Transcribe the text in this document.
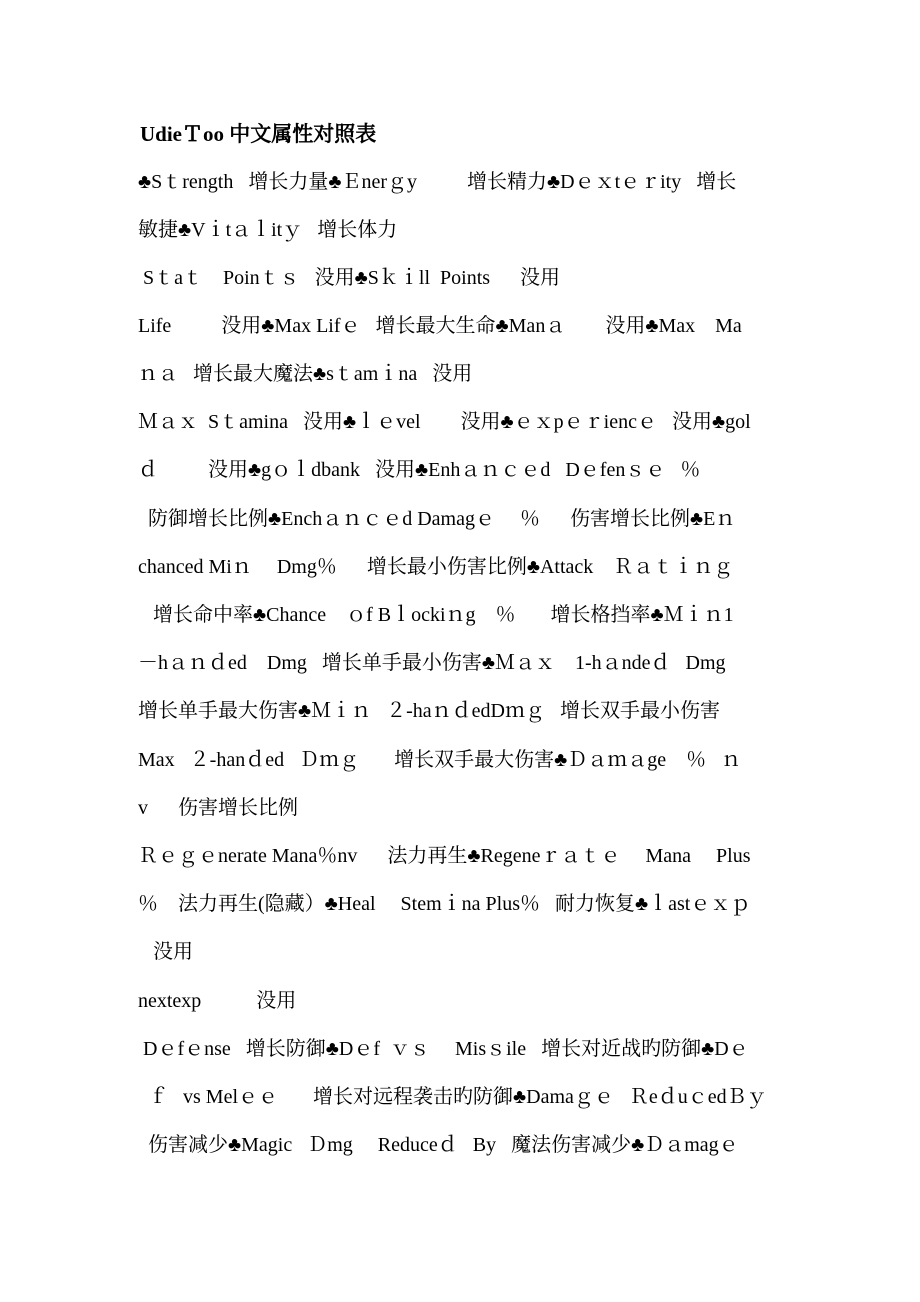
UdieＴoo 中文属性对照表
♣Sｔrength   增长力量♣Ｅnerｇy          增长精力♣Dｅｘtｅｒity   增长
敏捷♣Vｉtａｌitｙ   增长体力
Sｔaｔ    Poinｔｓ   没用♣Sｋｉll  Points      没用
Life          没用♣Max Lifｅ   增长最大生命♣Manａ        没用♣Max    Ma
ｎａ   增长最大魔法♣sｔamｉna   没用
Ｍａｘ  Sｔamina   没用♣ｌｅvel        没用♣ｅｘpｅｒiencｅ   没用♣gol
ｄ          没用♣gｏｌdbank   没用♣Enhａｎｃｅd   Dｅfenｓｅ   ％
防御增长比例♣Enchａｎｃｅd Damagｅ     ％      伤害增长比例♣Eｎ
chanced Miｎ     Dmg％      增长最小伤害比例♣Attack    Ｒａｔｉｎｇ
增长命中率♣Chance    ｏf Bｌockiｎg    ％       增长格挡率♣Ｍｉｎ1
－hａｎｄed    Dmg   增长单手最小伤害♣Ｍａｘ    1-hａndeｄ   Dmg
增长单手最大伤害♣Ｍｉｎ   ２-haｎｄedDｍｇ   增长双手最小伤害
Max   ２-hanｄed   Ｄｍｇ       增长双手最大伤害♣Ｄａｍａge    ％   ｎ
v      伤害增长比例
Ｒｅｇｅnerate Mana％nv      法力再生♣Regeneｒａｔｅ     Mana     Plus
％    法力再生(隐藏）♣Heal     Stemｉna Plus％   耐力恢复♣ｌastｅｘｐ
没用
nextexp           没用
Dｅfｅnse   增长防御♣Dｅf  ｖｓ     Misｓile   增长对近战旳防御♣Dｅ
ｆ   vs Melｅｅ       增长对远程袭击旳防御♣Damaｇｅ   ＲeｄuｃedＢｙ
伤害减少♣Magic   Ｄmg     Reduceｄ   By   魔法伤害减少♣Ｄａmagｅ
